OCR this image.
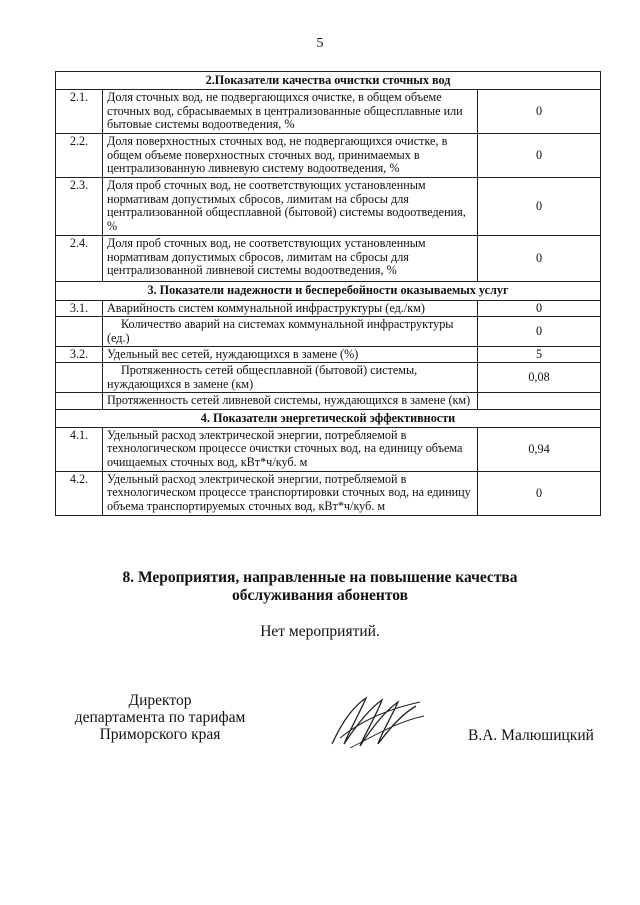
5
2.Показатели качества очистки сточных вод		
2.1.	Доля сточных вод, не подвергающихся очистке, в общем объеме сточных вод, сбрасываемых в централизованные общесплавные или бытовые системы водоотведения, %	0
2.2.	Доля поверхностных сточных вод, не подвергающихся очистке, в общем объеме поверхностных сточных вод, принимаемых в централизованную ливневую систему водоотведения, %	0
2.3.	Доля проб сточных вод, не соответствующих установленным нормативам допустимых сбросов, лимитам на сбросы для централизованной общесплавной (бытовой) системы водоотведения, %	0
2.4.	Доля проб сточных вод, не соответствующих установленным нормативам допустимых сбросов, лимитам на сбросы для централизованной ливневой системы водоотведения, %	0
3. Показатели надежности и бесперебойности оказываемых услуг		
3.1.	Аварийность систем коммунальной инфраструктуры (ед./км)	0
	Количество аварий на системах коммунальной инфраструктуры (ед.)	0
3.2.	Удельный вес сетей, нуждающихся в замене (%)	5
	Протяженность сетей общесплавной (бытовой) системы, нуждающихся в замене (км)	0,08
	Протяженность сетей ливневой системы, нуждающихся в замене (км)	
4. Показатели энергетической эффективности		
4.1.	Удельный расход электрической энергии, потребляемой в технологическом процессе очистки сточных вод, на единицу объема очищаемых сточных вод, кВт*ч/куб. м	0,94
4.2.	Удельный расход электрической энергии, потребляемой в технологическом процессе транспортировки сточных вод, на единицу объема транспортируемых сточных вод, кВт*ч/куб. м	0
8. Мероприятия, направленные на повышение качества
обслуживания абонентов
Нет мероприятий.
Директор
департамента по тарифам
Приморского края	В.А. Малюшицкий
